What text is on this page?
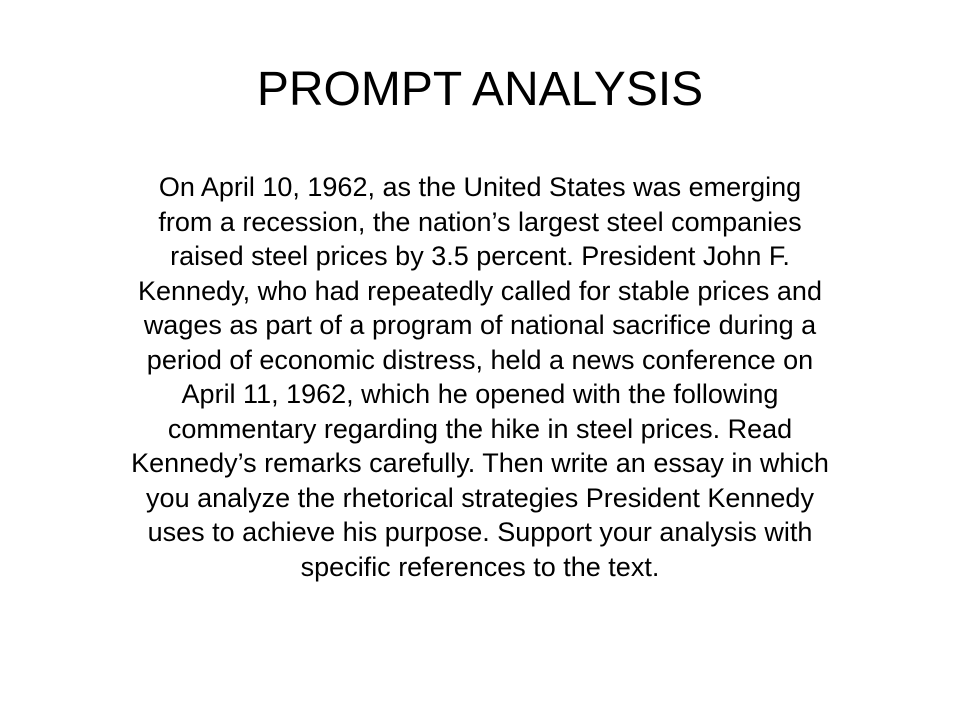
PROMPT ANALYSIS
On April 10, 1962, as the United States was emerging
from a recession, the nation’s largest steel companies
raised steel prices by 3.5 percent. President John F.
Kennedy, who had repeatedly called for stable prices and
wages as part of a program of national sacrifice during a
period of economic distress, held a news conference on
April 11, 1962, which he opened with the following
commentary regarding the hike in steel prices. Read
Kennedy’s remarks carefully. Then write an essay in which
you analyze the rhetorical strategies President Kennedy
uses to achieve his purpose. Support your analysis with
specific references to the text.
